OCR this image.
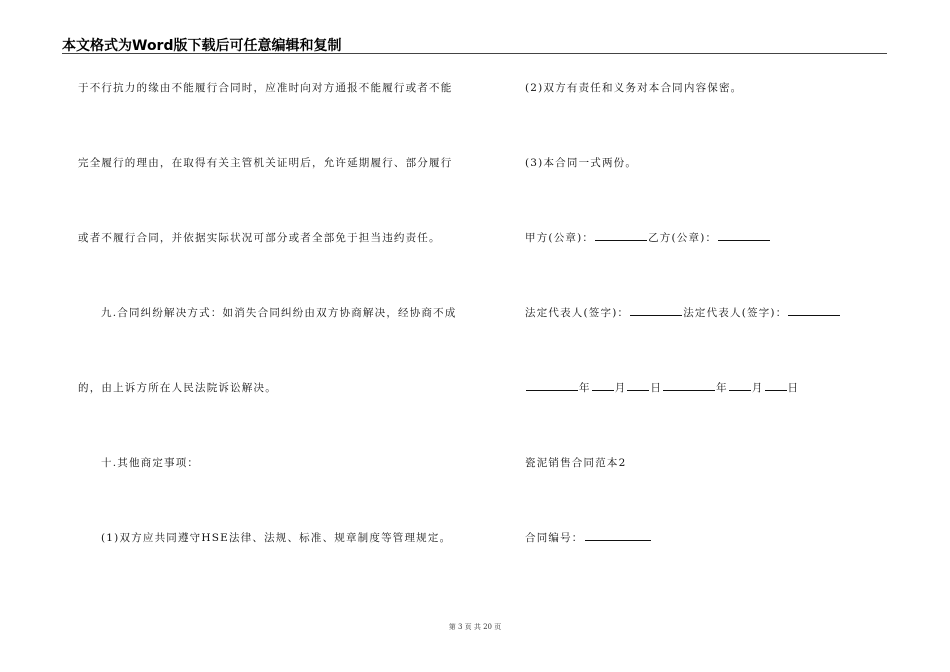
本文格式为Word版下载后可任意编辑和复制
于不行抗力的缘由不能履行合同时，应准时向对方通报不能履行或者不能
完全履行的理由，在取得有关主管机关证明后，允许延期履行、部分履行
或者不履行合同，并依据实际状况可部分或者全部免于担当违约责任。
九.合同纠纷解决方式：如消失合同纠纷由双方协商解决，经协商不成
的，由上诉方所在人民法院诉讼解决。
十.其他商定事项：
(1)双方应共同遵守HSE法律、法规、标准、规章制度等管理规定。
(2)双方有责任和义务对本合同内容保密。
(3)本合同一式两份。
甲方(公章)：	乙方(公章)：
法定代表人(签字)：	法定代表人(签字)：
年 月 日	年 月 日
瓷泥销售合同范本2
合同编号：
第 3 页 共 20 页
